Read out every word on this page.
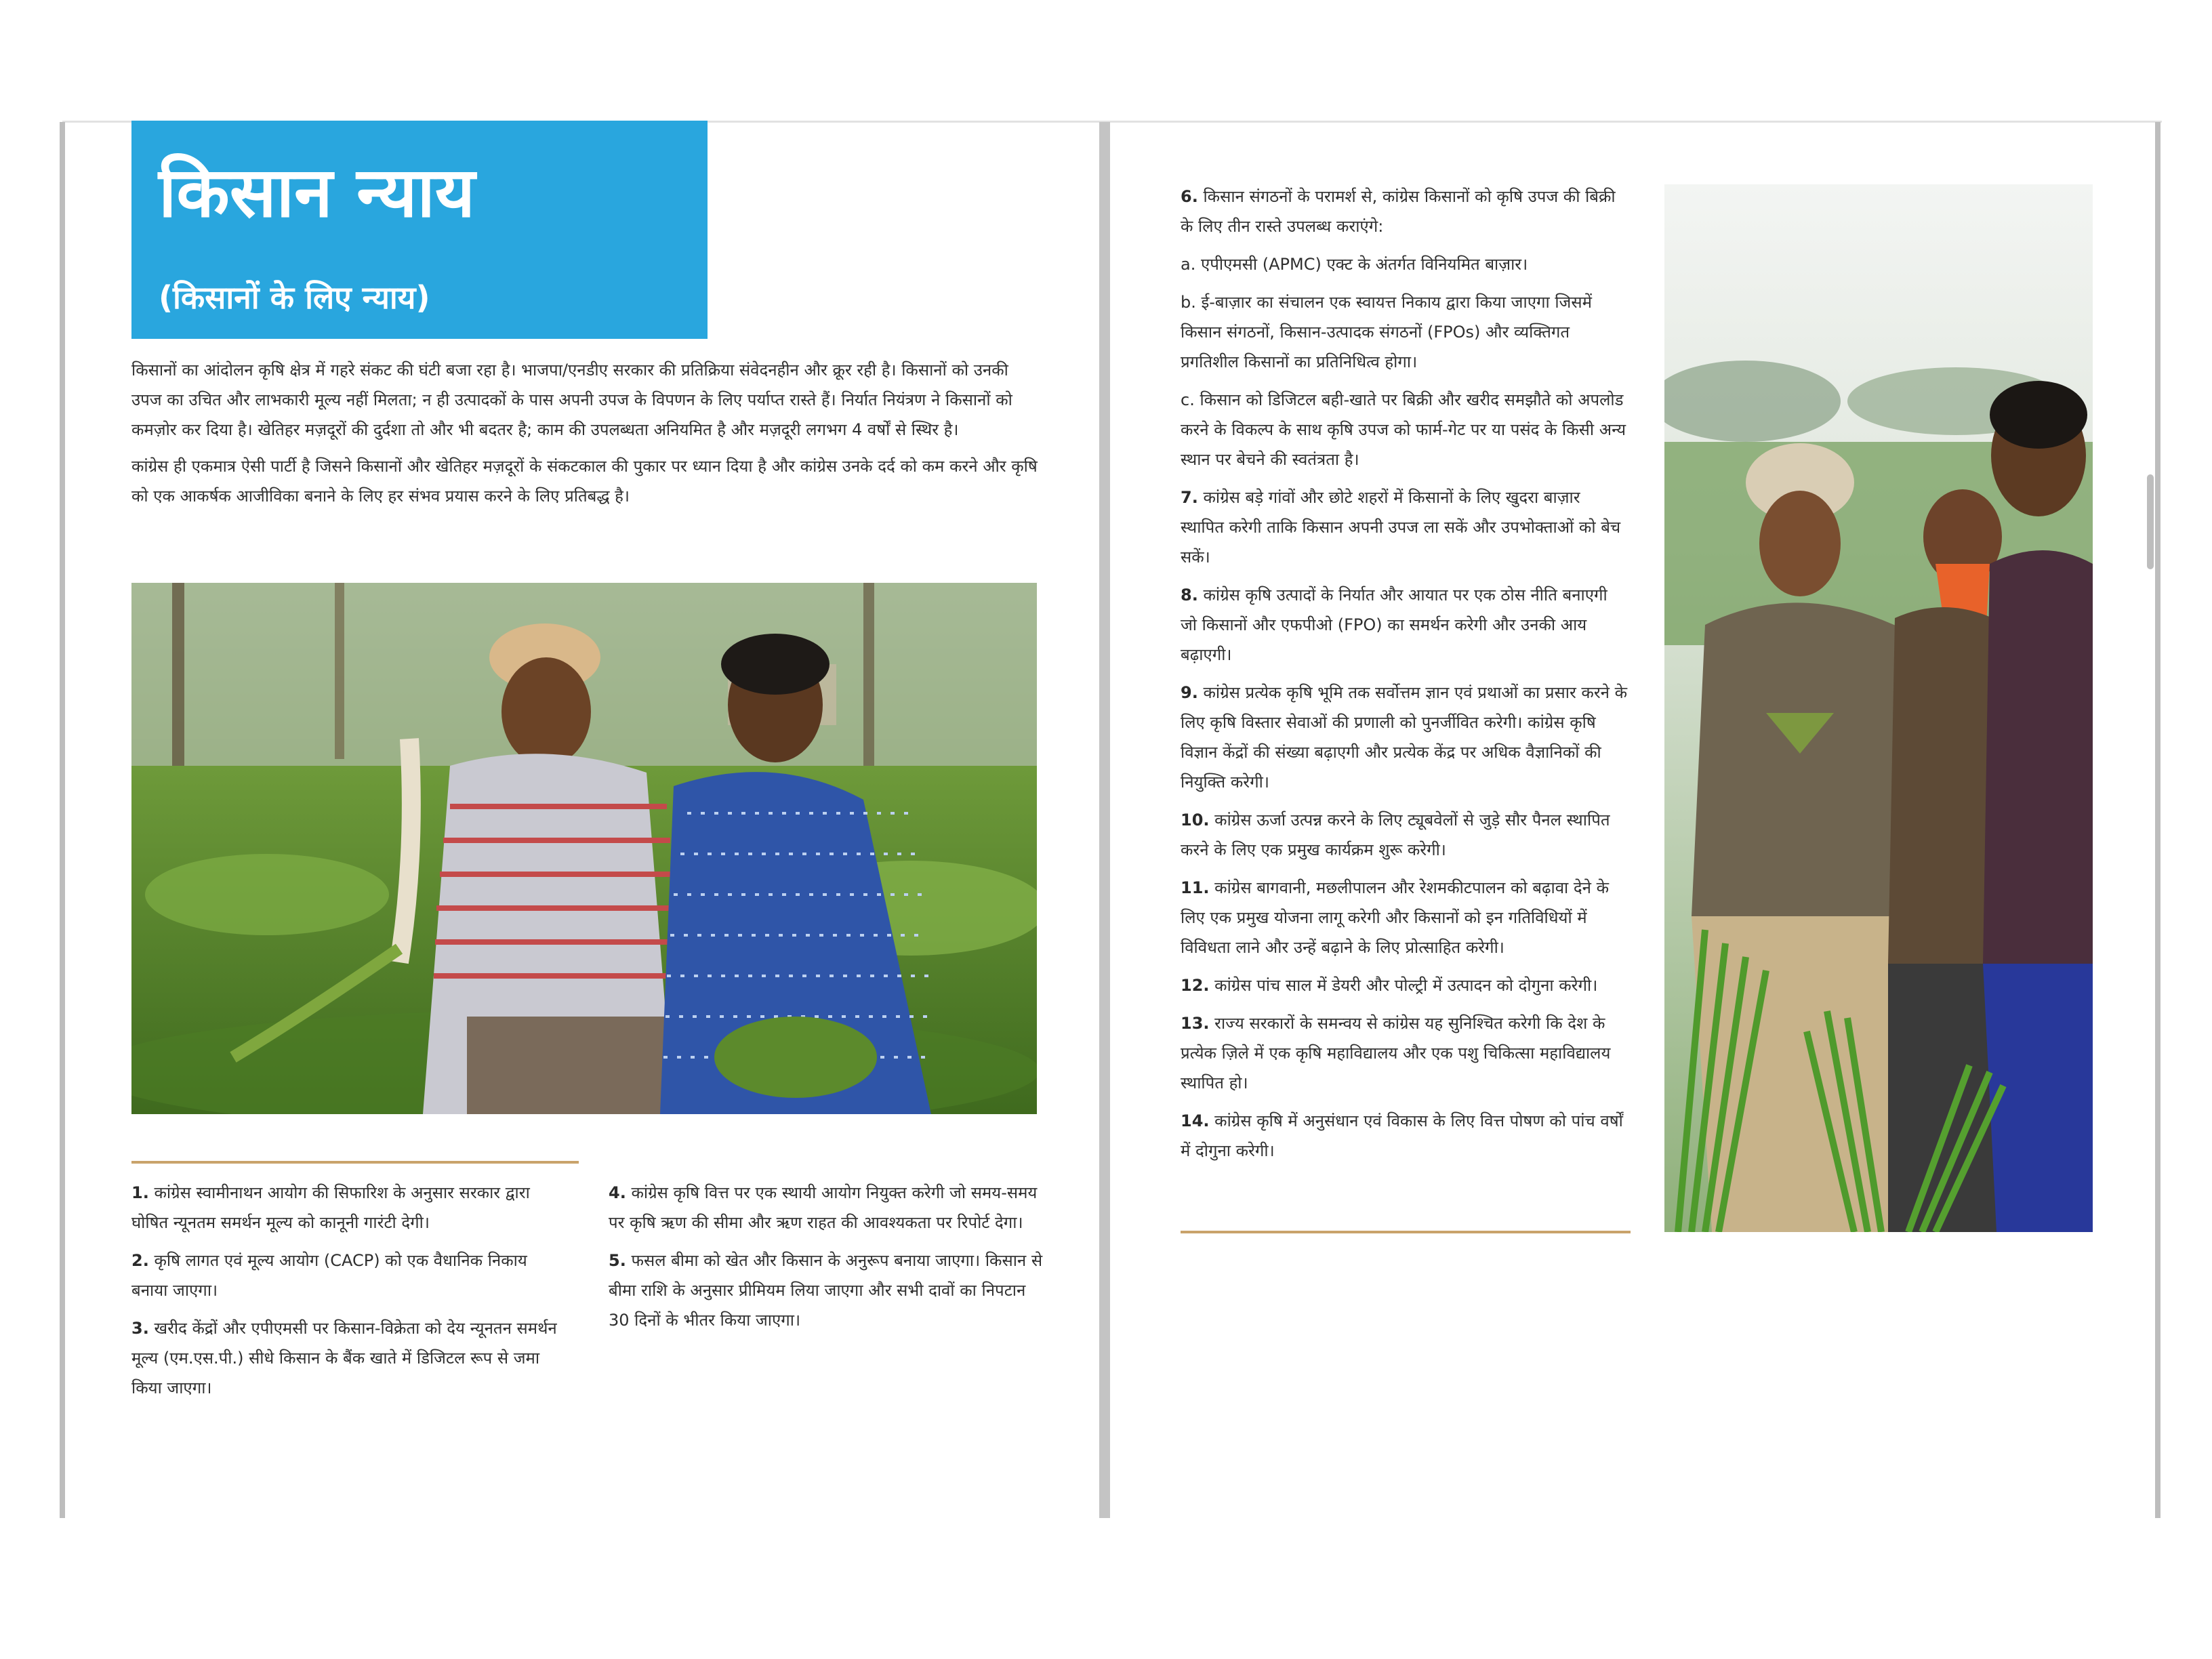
किसान न्याय
(किसानों के लिए न्याय)

किसानों का आंदोलन कृषि क्षेत्र में गहरे संकट की घंटी बजा रहा है। भाजपा/एनडीए सरकार की प्रतिक्रिया संवेदनहीन और क्रूर रही है। किसानों को उनकी उपज का उचित और लाभकारी मूल्य नहीं मिलता; न ही उत्पादकों के पास अपनी उपज के विपणन के लिए पर्याप्त रास्ते हैं। निर्यात नियंत्रण ने किसानों को कमज़ोर कर दिया है। खेतिहर मज़दूरों की दुर्दशा तो और भी बदतर है; काम की उपलब्धता अनियमित है और मज़दूरी लगभग 4 वर्षों से स्थिर है।

कांग्रेस ही एकमात्र ऐसी पार्टी है जिसने किसानों और खेतिहर मज़दूरों के संकटकाल की पुकार पर ध्यान दिया है और कांग्रेस उनके दर्द को कम करने और कृषि को एक आकर्षक आजीविका बनाने के लिए हर संभव प्रयास करने के लिए प्रतिबद्ध है।

1. कांग्रेस स्वामीनाथन आयोग की सिफारिश के अनुसार सरकार द्वारा घोषित न्यूनतम समर्थन मूल्य को कानूनी गारंटी देगी।
2. कृषि लागत एवं मूल्य आयोग (CACP) को एक वैधानिक निकाय बनाया जाएगा।
3. खरीद केंद्रों और एपीएमसी पर किसान-विक्रेता को देय न्यूनतन समर्थन मूल्य (एम.एस.पी.) सीधे किसान के बैंक खाते में डिजिटल रूप से जमा किया जाएगा।
4. कांग्रेस कृषि वित्त पर एक स्थायी आयोग नियुक्त करेगी जो समय-समय पर कृषि ऋण की सीमा और ऋण राहत की आवश्यकता पर रिपोर्ट देगा।
5. फसल बीमा को खेत और किसान के अनुरूप बनाया जाएगा। किसान से बीमा राशि के अनुसार प्रीमियम लिया जाएगा और सभी दावों का निपटान 30 दिनों के भीतर किया जाएगा।
6. किसान संगठनों के परामर्श से, कांग्रेस किसानों को कृषि उपज की बिक्री के लिए तीन रास्ते उपलब्ध कराएंगे:
a. एपीएमसी (APMC) एक्ट के अंतर्गत विनियमित बाज़ार।
b. ई-बाज़ार का संचालन एक स्वायत्त निकाय द्वारा किया जाएगा जिसमें किसान संगठनों, किसान-उत्पादक संगठनों (FPOs) और व्यक्तिगत प्रगतिशील किसानों का प्रतिनिधित्व होगा।
c. किसान को डिजिटल बही-खाते पर बिक्री और खरीद समझौते को अपलोड करने के विकल्प के साथ कृषि उपज को फार्म-गेट पर या पसंद के किसी अन्य स्थान पर बेचने की स्वतंत्रता है।
7. कांग्रेस बड़े गांवों और छोटे शहरों में किसानों के लिए खुदरा बाज़ार स्थापित करेगी ताकि किसान अपनी उपज ला सकें और उपभोक्ताओं को बेच सकें।
8. कांग्रेस कृषि उत्पादों के निर्यात और आयात पर एक ठोस नीति बनाएगी जो किसानों और एफपीओ (FPO) का समर्थन करेगी और उनकी आय बढ़ाएगी।
9. कांग्रेस प्रत्येक कृषि भूमि तक सर्वोत्तम ज्ञान एवं प्रथाओं का प्रसार करने के लिए कृषि विस्तार सेवाओं की प्रणाली को पुनर्जीवित करेगी। कांग्रेस कृषि विज्ञान केंद्रों की संख्या बढ़ाएगी और प्रत्येक केंद्र पर अधिक वैज्ञानिकों की नियुक्ति करेगी।
10. कांग्रेस ऊर्जा उत्पन्न करने के लिए ट्यूबवेलों से जुड़े सौर पैनल स्थापित करने के लिए एक प्रमुख कार्यक्रम शुरू करेगी।
11. कांग्रेस बागवानी, मछलीपालन और रेशमकीटपालन को बढ़ावा देने के लिए एक प्रमुख योजना लागू करेगी और किसानों को इन गतिविधियों में विविधता लाने और उन्हें बढ़ाने के लिए प्रोत्साहित करेगी।
12. कांग्रेस पांच साल में डेयरी और पोल्ट्री में उत्पादन को दोगुना करेगी।
13. राज्य सरकारों के समन्वय से कांग्रेस यह सुनिश्चित करेगी कि देश के प्रत्येक ज़िले में एक कृषि महाविद्यालय और एक पशु चिकित्सा महाविद्यालय स्थापित हो।
14. कांग्रेस कृषि में अनुसंधान एवं विकास के लिए वित्त पोषण को पांच वर्षों में दोगुना करेगी।
